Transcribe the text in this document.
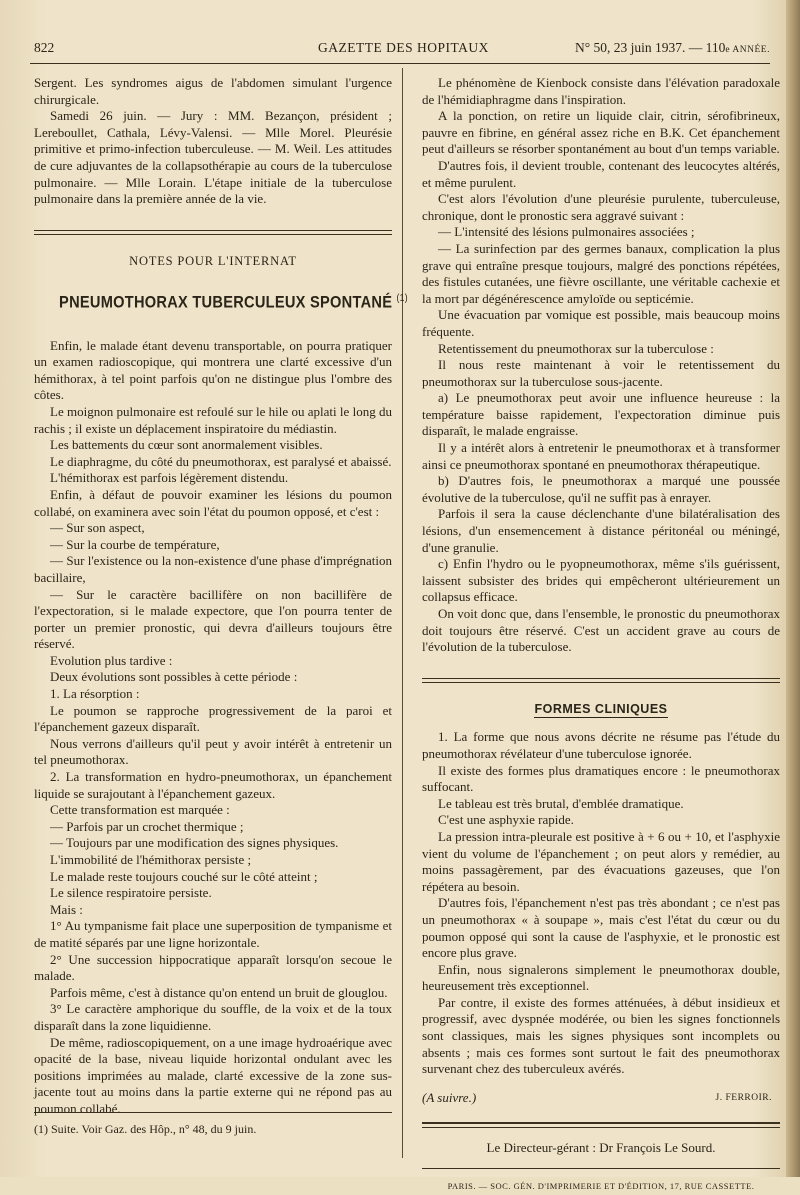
822	GAZETTE DES HOPITAUX	N° 50, 23 juin 1937. — 110e ANNÉE.

Sergent. Les syndromes aigus de l'abdomen simulant l'urgence chirurgicale.

Samedi 26 juin. — Jury : MM. Bezançon, président ; Lereboullet, Cathala, Lévy-Valensi. — Mlle Morel. Pleurésie primitive et primo-infection tuberculeuse. — M. Weil. Les attitudes de cure adjuvantes de la collapsothérapie au cours de la tuberculose pulmonaire. — Mlle Lorain. L'étape initiale de la tuberculose pulmonaire dans la première année de la vie.

NOTES POUR L'INTERNAT
PNEUMOTHORAX TUBERCULEUX SPONTANÉ $^{(1)}$

Enfin, le malade étant devenu transportable, on pourra pratiquer un examen radioscopique, qui montrera une clarté excessive d'un hémithorax, à tel point parfois qu'on ne distingue plus l'ombre des côtes.

Le moignon pulmonaire est refoulé sur le hile ou aplati le long du rachis ; il existe un déplacement inspiratoire du médiastin.

Les battements du cœur sont anormalement visibles.

Le diaphragme, du côté du pneumothorax, est paralysé et abaissé.

L'hémithorax est parfois légèrement distendu.

Enfin, à défaut de pouvoir examiner les lésions du poumon collabé, on examinera avec soin l'état du poumon opposé, et c'est :

— Sur son aspect,

— Sur la courbe de température,

— Sur l'existence ou la non-existence d'une phase d'imprégnation bacillaire,

— Sur le caractère bacillifère on non bacillifère de l'expectoration, si le malade expectore, que l'on pourra tenter de porter un premier pronostic, qui devra d'ailleurs toujours être réservé.

Evolution plus tardive :

Deux évolutions sont possibles à cette période :

1. La résorption :

Le poumon se rapproche progressivement de la paroi et l'épanchement gazeux disparaît.

Nous verrons d'ailleurs qu'il peut y avoir intérêt à entretenir un tel pneumothorax.

2. La transformation en hydro-pneumothorax, un épanchement liquide se surajoutant à l'épanchement gazeux.

Cette transformation est marquée :

— Parfois par un crochet thermique ;

— Toujours par une modification des signes physiques.

L'immobilité de l'hémithorax persiste ;

Le malade reste toujours couché sur le côté atteint ;

Le silence respiratoire persiste.

Mais :

1° Au tympanisme fait place une superposition de tympanisme et de matité séparés par une ligne horizontale.

2° Une succession hippocratique apparaît lorsqu'on secoue le malade.

Parfois même, c'est à distance qu'on entend un bruit de glouglou.

3° Le caractère amphorique du souffle, de la voix et de la toux disparaît dans la zone liquidienne.

De même, radioscopiquement, on a une image hydroaérique avec opacité de la base, niveau liquide horizontal ondulant avec les positions imprimées au malade, clarté excessive de la zone sus-jacente tout au moins dans la partie externe qui ne répond pas au poumon collabé.

(1) Suite. Voir Gaz. des Hôp., n° 48, du 9 juin.

Le phénomène de Kienbock consiste dans l'élévation paradoxale de l'hémidiaphragme dans l'inspiration.

A la ponction, on retire un liquide clair, citrin, sérofibrineux, pauvre en fibrine, en général assez riche en B.K. Cet épanchement peut d'ailleurs se résorber spontanément au bout d'un temps variable.

D'autres fois, il devient trouble, contenant des leucocytes altérés, et même purulent.

C'est alors l'évolution d'une pleurésie purulente, tuberculeuse, chronique, dont le pronostic sera aggravé suivant :

— L'intensité des lésions pulmonaires associées ;

— La surinfection par des germes banaux, complication la plus grave qui entraîne presque toujours, malgré des ponctions répétées, des fistules cutanées, une fièvre oscillante, une véritable cachexie et la mort par dégénérescence amyloïde ou septicémie.

Une évacuation par vomique est possible, mais beaucoup moins fréquente.

Retentissement du pneumothorax sur la tuberculose :

Il nous reste maintenant à voir le retentissement du pneumothorax sur la tuberculose sous-jacente.

a) Le pneumothorax peut avoir une influence heureuse : la température baisse rapidement, l'expectoration diminue puis disparaît, le malade engraisse.

Il y a intérêt alors à entretenir le pneumothorax et à transformer ainsi ce pneumothorax spontané en pneumothorax thérapeutique.

b) D'autres fois, le pneumothorax a marqué une poussée évolutive de la tuberculose, qu'il ne suffit pas à enrayer.

Parfois il sera la cause déclenchante d'une bilatéralisation des lésions, d'un ensemencement à distance péritonéal ou méningé, d'une granulie.

c) Enfin l'hydro ou le pyopneumothorax, même s'ils guérissent, laissent subsister des brides qui empêcheront ultérieurement un collapsus efficace.

On voit donc que, dans l'ensemble, le pronostic du pneumothorax doit toujours être réservé. C'est un accident grave au cours de l'évolution de la tuberculose.

FORMES CLINIQUES

1. La forme que nous avons décrite ne résume pas l'étude du pneumothorax révélateur d'une tuberculose ignorée.

Il existe des formes plus dramatiques encore : le pneumothorax suffocant.

Le tableau est très brutal, d'emblée dramatique.

C'est une asphyxie rapide.

La pression intra-pleurale est positive à + 6 ou + 10, et l'asphyxie vient du volume de l'épanchement ; on peut alors y remédier, au moins passagèrement, par des évacuations gazeuses, que l'on répétera au besoin.

D'autres fois, l'épanchement n'est pas très abondant ; ce n'est pas un pneumothorax « à soupape », mais c'est l'état du cœur ou du poumon opposé qui sont la cause de l'asphyxie, et le pronostic est encore plus grave.

Enfin, nous signalerons simplement le pneumothorax double, heureusement très exceptionnel.

Par contre, il existe des formes atténuées, à début insidieux et progressif, avec dyspnée modérée, ou bien les signes fonctionnels sont classiques, mais les signes physiques sont incomplets ou absents ; mais ces formes sont surtout le fait des pneumothorax survenant chez des tuberculeux avérés.

(A suivre.)	J. FERROIR.
Le Directeur-gérant : Dr François Le Sourd.
PARIS. — SOC. GÉN. D'IMPRIMERIE ET D'ÉDITION, 17, RUE CASSETTE.
